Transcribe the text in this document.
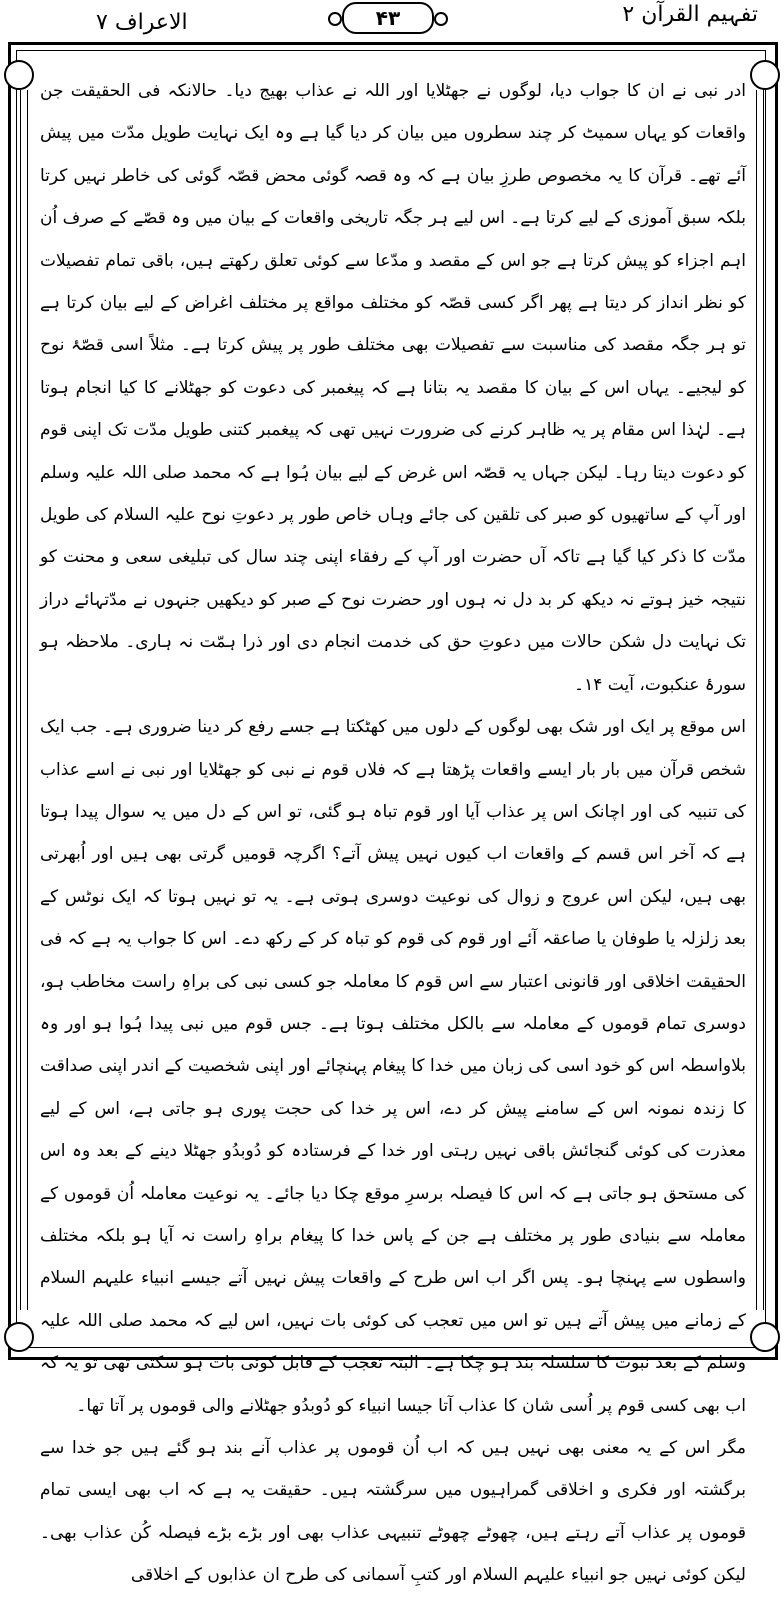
الاعراف ۷	۴۳	تفہیم القرآن ۲

ادر نبی نے ان کا جواب دیا، لوگوں نے جھٹلایا اور اللہ نے عذاب بھیج دیا۔ حالانکہ فی الحقیقت جن واقعات کو یہاں سمیٹ کر چند سطروں میں بیان کر دیا گیا ہے وہ ایک نہایت طویل مدّت میں پیش آئے تھے۔ قرآن کا یہ مخصوص طرزِ بیان ہے کہ وہ قصہ گوئی محض قصّہ گوئی کی خاطر نہیں کرتا بلکہ سبق آموزی کے لیے کرتا ہے۔ اس لیے ہر جگہ تاریخی واقعات کے بیان میں وہ قصّے کے صرف اُن اہم اجزاء کو پیش کرتا ہے جو اس کے مقصد و مدّعا سے کوئی تعلق رکھتے ہیں، باقی تمام تفصیلات کو نظر انداز کر دیتا ہے پھر اگر کسی قصّہ کو مختلف مواقع پر مختلف اغراض کے لیے بیان کرتا ہے تو ہر جگہ مقصد کی مناسبت سے تفصیلات بھی مختلف طور پر پیش کرتا ہے۔ مثلاً اسی قصّۂ نوح کو لیجیے۔ یہاں اس کے بیان کا مقصد یہ بتانا ہے کہ پیغمبر کی دعوت کو جھٹلانے کا کیا انجام ہوتا ہے۔ لہٰذا اس مقام پر یہ ظاہر کرنے کی ضرورت نہیں تھی کہ پیغمبر کتنی طویل مدّت تک اپنی قوم کو دعوت دیتا رہا۔ لیکن جہاں یہ قصّہ اس غرض کے لیے بیان ہُوا ہے کہ محمد صلی اللہ علیہ وسلم اور آپ کے ساتھیوں کو صبر کی تلقین کی جائے وہاں خاص طور پر دعوتِ نوح علیہ السلام کی طویل مدّت کا ذکر کیا گیا ہے تاکہ آں حضرت اور آپ کے رفقاء اپنی چند سال کی تبلیغی سعی و محنت کو نتیجہ خیز ہوتے نہ دیکھ کر بد دل نہ ہوں اور حضرت نوح کے صبر کو دیکھیں جنہوں نے مدّتہائے دراز تک نہایت دل شکن حالات میں دعوتِ حق کی خدمت انجام دی اور ذرا ہمّت نہ ہاری۔ ملاحظہ ہو سورۂ عنکبوت، آیت ۱۴۔

اس موقع پر ایک اور شک بھی لوگوں کے دلوں میں کھٹکتا ہے جسے رفع کر دینا ضروری ہے۔ جب ایک شخص قرآن میں بار بار ایسے واقعات پڑھتا ہے کہ فلاں قوم نے نبی کو جھٹلایا اور نبی نے اسے عذاب کی تنبیہ کی اور اچانک اس پر عذاب آیا اور قوم تباہ ہو گئی، تو اس کے دل میں یہ سوال پیدا ہوتا ہے کہ آخر اس قسم کے واقعات اب کیوں نہیں پیش آتے؟ اگرچہ قومیں گرتی بھی ہیں اور اُبھرتی بھی ہیں، لیکن اس عروج و زوال کی نوعیت دوسری ہوتی ہے۔ یہ تو نہیں ہوتا کہ ایک نوٹس کے بعد زلزلہ یا طوفان یا صاعقہ آئے اور قوم کی قوم کو تباہ کر کے رکھ دے۔ اس کا جواب یہ ہے کہ فی الحقیقت اخلاقی اور قانونی اعتبار سے اس قوم کا معاملہ جو کسی نبی کی براہِ راست مخاطب ہو، دوسری تمام قوموں کے معاملہ سے بالکل مختلف ہوتا ہے۔ جس قوم میں نبی پیدا ہُوا ہو اور وہ بلاواسطہ اس کو خود اسی کی زبان میں خدا کا پیغام پہنچائے اور اپنی شخصیت کے اندر اپنی صداقت کا زندہ نمونہ اس کے سامنے پیش کر دے، اس پر خدا کی حجت پوری ہو جاتی ہے، اس کے لیے معذرت کی کوئی گنجائش باقی نہیں رہتی اور خدا کے فرستادہ کو دُوبدُو جھٹلا دینے کے بعد وہ اس کی مستحق ہو جاتی ہے کہ اس کا فیصلہ برسرِ موقع چکا دیا جائے۔ یہ نوعیت معاملہ اُن قوموں کے معاملہ سے بنیادی طور پر مختلف ہے جن کے پاس خدا کا پیغام براہِ راست نہ آیا ہو بلکہ مختلف واسطوں سے پہنچا ہو۔ پس اگر اب اس طرح کے واقعات پیش نہیں آتے جیسے انبیاء علیہم السلام کے زمانے میں پیش آتے ہیں تو اس میں تعجب کی کوئی بات نہیں، اس لیے کہ محمد صلی اللہ علیہ وسلم کے بعد نبوت کا سلسلہ بند ہو چکا ہے۔ البتہ تعجب کے قابل کوئی بات ہو سکتی تھی تو یہ کہ اب بھی کسی قوم پر اُسی شان کا عذاب آتا جیسا انبیاء کو دُوبدُو جھٹلانے والی قوموں پر آتا تھا۔

مگر اس کے یہ معنی بھی نہیں ہیں کہ اب اُن قوموں پر عذاب آنے بند ہو گئے ہیں جو خدا سے برگشتہ اور فکری و اخلاقی گمراہیوں میں سرگشتہ ہیں۔ حقیقت یہ ہے کہ اب بھی ایسی تمام قوموں پر عذاب آتے رہتے ہیں، چھوٹے چھوٹے تنبیہی عذاب بھی اور بڑے بڑے فیصلہ کُن عذاب بھی۔ لیکن کوئی نہیں جو انبیاء علیہم السلام اور کتبِ آسمانی کی طرح ان عذابوں کے اخلاقی
